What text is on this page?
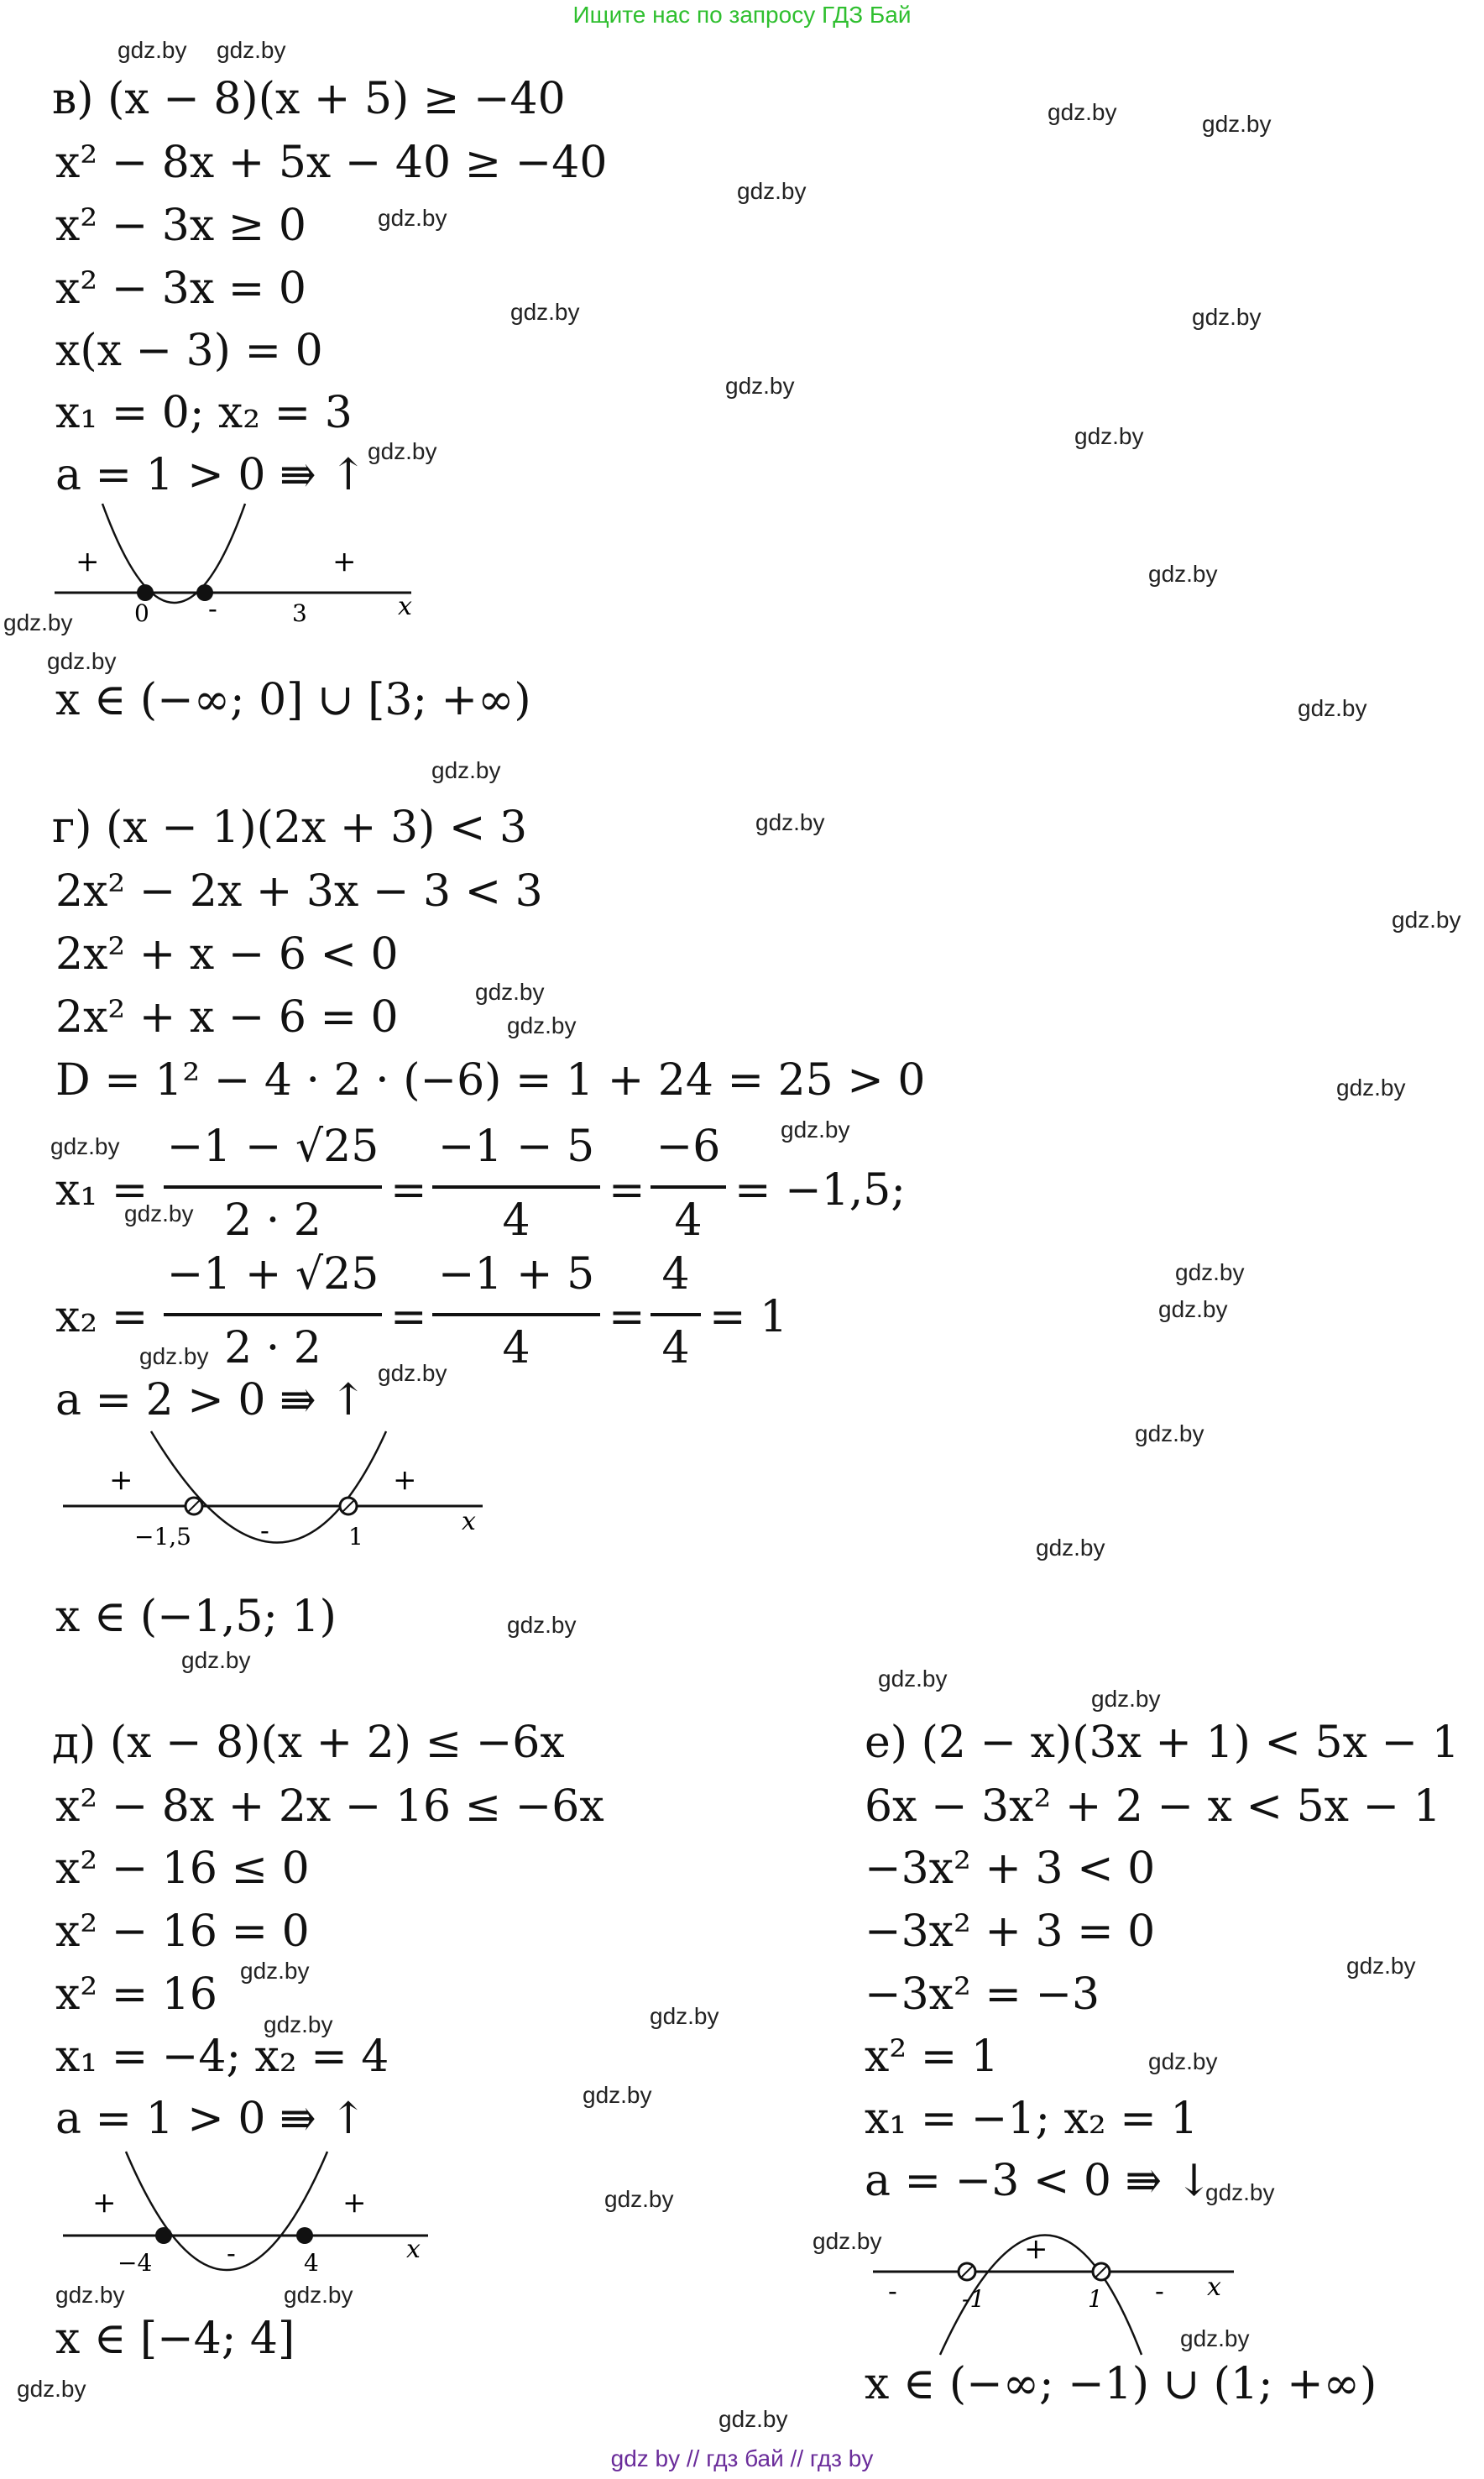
Ищите нас по запросу ГДЗ Бай
в) (x − 8)(x + 5) ≥ −40
x² − 8x + 5x − 40 ≥ −40
x² − 3x ≥ 0
x² − 3x = 0
x(x − 3) = 0
x₁ = 0; x₂ = 3
a = 1 > 0 ⇛ ↑
+
-
+
0	3	x
x ∈ (−∞; 0] ∪ [3; +∞)
г) (x − 1)(2x + 3) < 3
2x² − 2x + 3x − 3 < 3
2x² + x − 6 < 0
2x² + x − 6 = 0
D = 1² − 4 · 2 · (−6) = 1 + 24 = 25 > 0
x₁ =
−1 − √25
2 · 2
=
−1 − 5
4
=
−6
4
= −1,5;
x₂ =
−1 + √25
2 · 2
=
−1 + 5
4
=
4
4
= 1
a = 2 > 0 ⇛ ↑
+
-
+
−1,5	1
x
x ∈ (−1,5; 1)
д) (x − 8)(x + 2) ≤ −6x
x² − 8x + 2x − 16 ≤ −6x
x² − 16 ≤ 0
x² − 16 = 0
x² = 16
x₁ = −4; x₂ = 4
a = 1 > 0 ⇛ ↑
+
-
+
−4	4	x
x ∈ [−4; 4]
е) (2 − x)(3x + 1) < 5x − 1
6x − 3x² + 2 − x < 5x − 1
−3x² + 3 < 0
−3x² + 3 = 0
−3x² = −3
x² = 1
x₁ = −1; x₂ = 1
a = −3 < 0 ⇛ ↓
-
+
-
-1	1	x
x ∈ (−∞; −1) ∪ (1; +∞)
gdz.by gdz.by
gdz.by	gdz.by
gdz.by
gdz.by
gdz.by	gdz.by
gdz.by
gdz.by
gdz.by
gdz.by
gdz.by
gdz.by
gdz.by
gdz.by
gdz.by
gdz.by
gdz.by
gdz.by
gdz.by
gdz.by
gdz.by
gdz.by
gdz.by
gdz.by
gdz.by
gdz.by
gdz.by
gdz.by
gdz.by
gdz.by
gdz.by
gdz.by
gdz.by
gdz.by
gdz.by
gdz.by
gdz.by
gdz.by
gdz.by	gdz.by
gdz.by
gdz.by	gdz.by
gdz.by
gdz.by
gdz.by
gdz by // гдз бай // гдз by
